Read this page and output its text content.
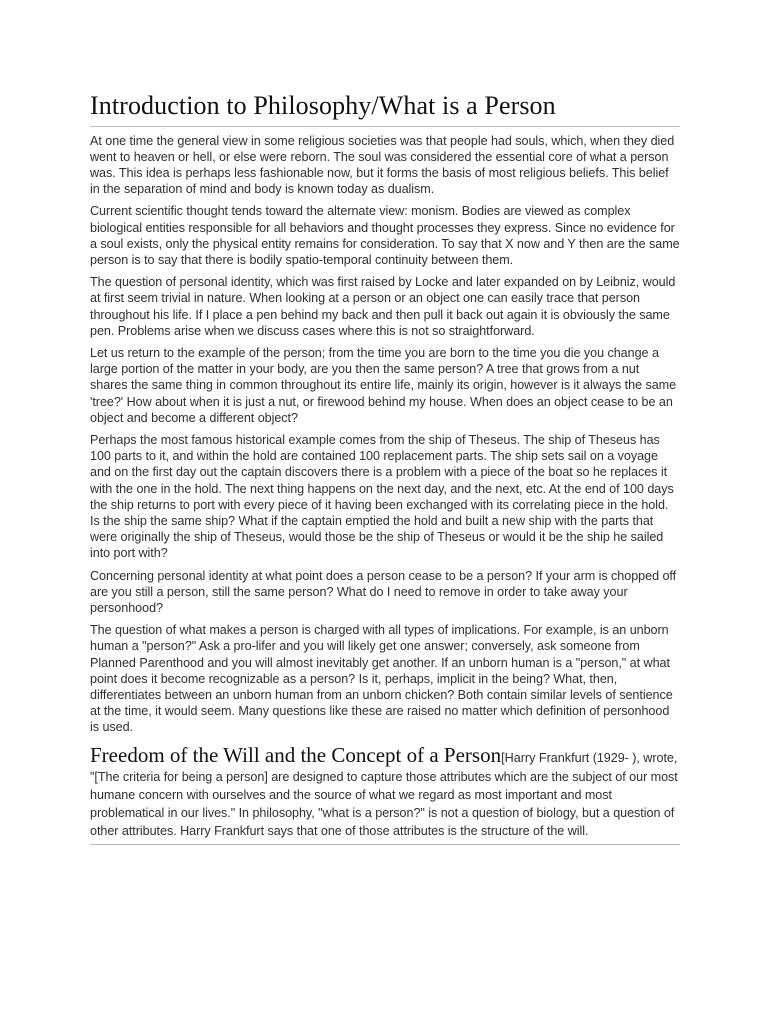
Introduction to Philosophy/What is a Person

At one time the general view in some religious societies was that people had souls, which, when they died went to heaven or hell, or else were reborn. The soul was considered the essential core of what a person was. This idea is perhaps less fashionable now, but it forms the basis of most religious beliefs. This belief in the separation of mind and body is known today as dualism.

Current scientific thought tends toward the alternate view: monism. Bodies are viewed as complex biological entities responsible for all behaviors and thought processes they express. Since no evidence for a soul exists, only the physical entity remains for consideration. To say that X now and Y then are the same person is to say that there is bodily spatio-temporal continuity between them.

The question of personal identity, which was first raised by Locke and later expanded on by Leibniz, would at first seem trivial in nature. When looking at a person or an object one can easily trace that person throughout his life. If I place a pen behind my back and then pull it back out again it is obviously the same pen. Problems arise when we discuss cases where this is not so straightforward.

Let us return to the example of the person; from the time you are born to the time you die you change a large portion of the matter in your body, are you then the same person? A tree that grows from a nut shares the same thing in common throughout its entire life, mainly its origin, however is it always the same 'tree?' How about when it is just a nut, or firewood behind my house. When does an object cease to be an object and become a different object?

Perhaps the most famous historical example comes from the ship of Theseus. The ship of Theseus has 100 parts to it, and within the hold are contained 100 replacement parts. The ship sets sail on a voyage and on the first day out the captain discovers there is a problem with a piece of the boat so he replaces it with the one in the hold. The next thing happens on the next day, and the next, etc. At the end of 100 days the ship returns to port with every piece of it having been exchanged with its correlating piece in the hold. Is the ship the same ship? What if the captain emptied the hold and built a new ship with the parts that were originally the ship of Theseus, would those be the ship of Theseus or would it be the ship he sailed into port with?

Concerning personal identity at what point does a person cease to be a person? If your arm is chopped off are you still a person, still the same person? What do I need to remove in order to take away your personhood?

The question of what makes a person is charged with all types of implications. For example, is an unborn human a "person?" Ask a pro-lifer and you will likely get one answer; conversely, ask someone from Planned Parenthood and you will almost inevitably get another. If an unborn human is a "person," at what point does it become recognizable as a person? Is it, perhaps, implicit in the being? What, then, differentiates between an unborn human from an unborn chicken? Both contain similar levels of sentience at the time, it would seem. Many questions like these are raised no matter which definition of personhood is used.

Freedom of the Will and the Concept of a Person[Harry Frankfurt (1929- ), wrote, "[The criteria for being a person] are designed to capture those attributes which are the subject of our most humane concern with ourselves and the source of what we regard as most important and most problematical in our lives." In philosophy, "what is a person?" is not a question of biology, but a question of other attributes. Harry Frankfurt says that one of those attributes is the structure of the will.
